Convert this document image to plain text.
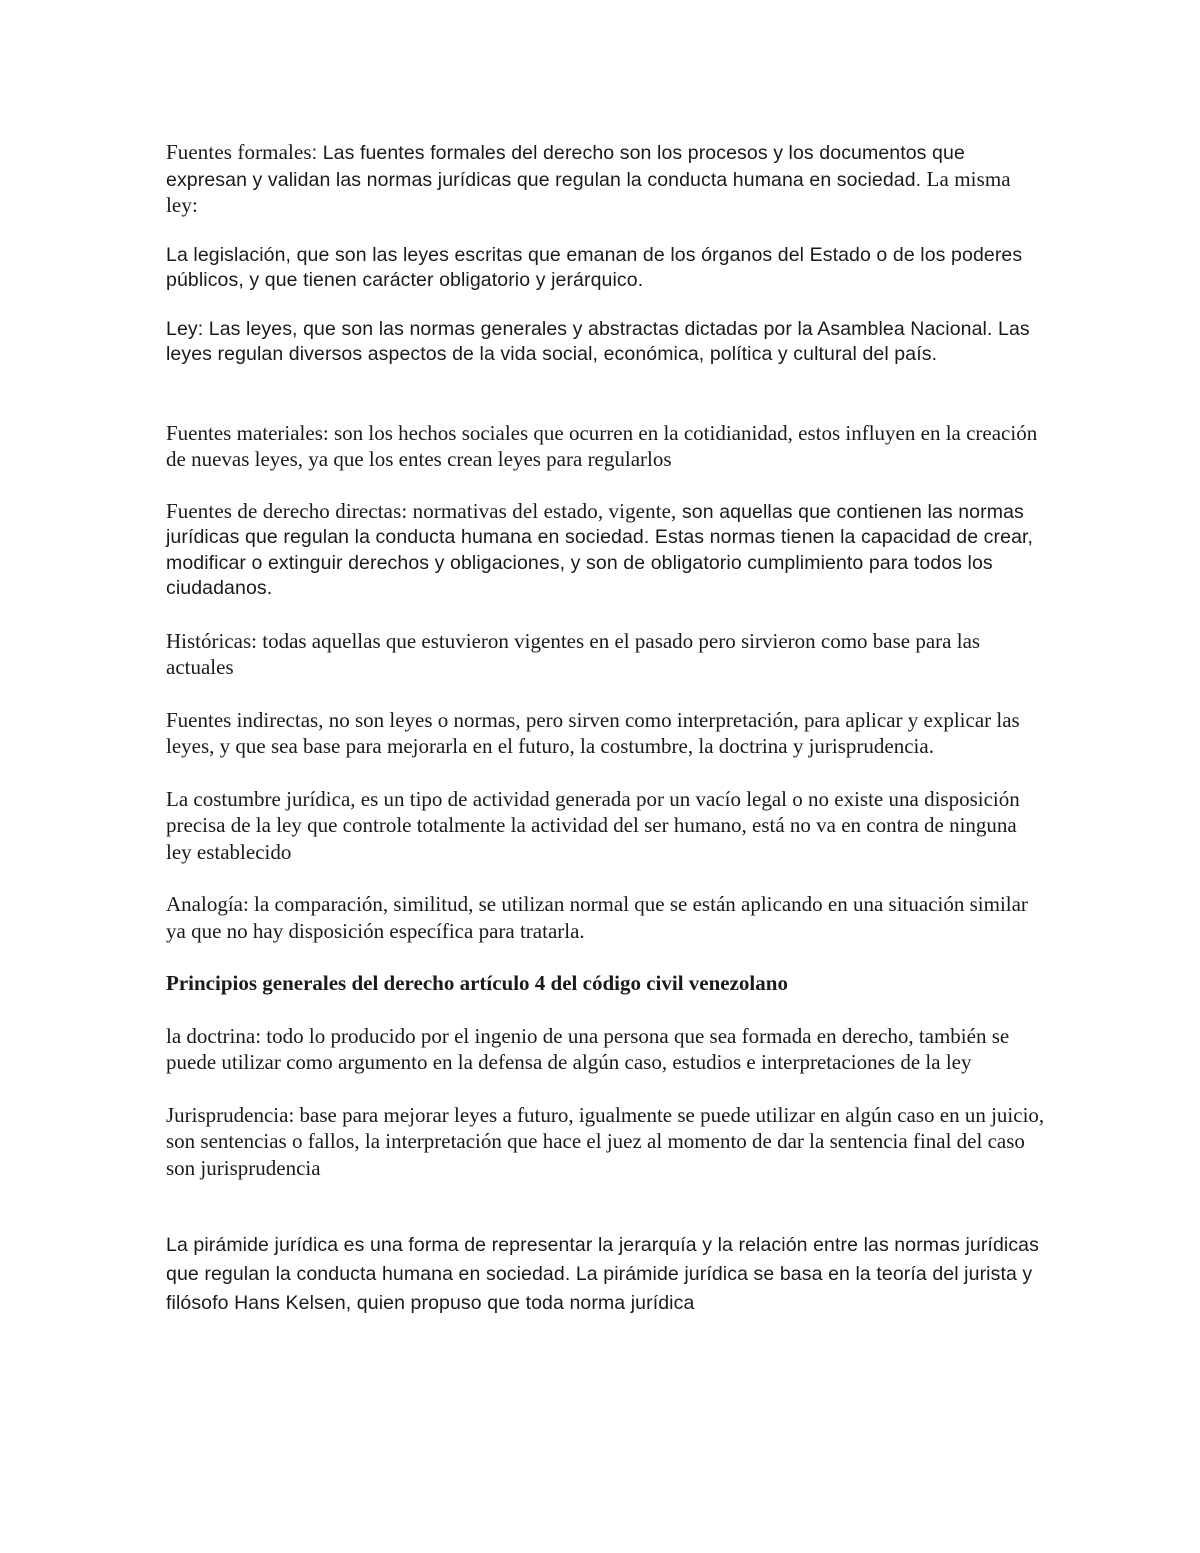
Fuentes formales: Las fuentes formales del derecho son los procesos y los documentos que expresan y validan las normas jurídicas que regulan la conducta humana en sociedad. La misma ley:

La legislación, que son las leyes escritas que emanan de los órganos del Estado o de los poderes públicos, y que tienen carácter obligatorio y jerárquico.

Ley: Las leyes, que son las normas generales y abstractas dictadas por la Asamblea Nacional. Las leyes regulan diversos aspectos de la vida social, económica, política y cultural del país.

Fuentes materiales: son los hechos sociales que ocurren en la cotidianidad, estos influyen en la creación de nuevas leyes, ya que los entes crean leyes para regularlos

Fuentes de derecho directas: normativas del estado, vigente, son aquellas que contienen las normas jurídicas que regulan la conducta humana en sociedad. Estas normas tienen la capacidad de crear, modificar o extinguir derechos y obligaciones, y son de obligatorio cumplimiento para todos los ciudadanos.

Históricas: todas aquellas que estuvieron vigentes en el pasado pero sirvieron como base para las actuales

Fuentes indirectas, no son leyes o normas, pero sirven como interpretación, para aplicar y explicar las leyes, y que sea base para mejorarla en el futuro, la costumbre, la doctrina y jurisprudencia.

La costumbre jurídica, es un tipo de actividad generada por un vacío legal o no existe una disposición precisa de la ley que controle totalmente la actividad del ser humano, está no va en contra de ninguna ley establecido

Analogía: la comparación, similitud, se utilizan normal que se están aplicando en una situación similar ya que no hay disposición específica para tratarla.

Principios generales del derecho artículo 4 del código civil venezolano

la doctrina: todo lo producido por el ingenio de una persona que sea formada en derecho, también se puede utilizar como argumento en la defensa de algún caso, estudios e interpretaciones de la ley

Jurisprudencia: base para mejorar leyes a futuro, igualmente se puede utilizar en algún caso en un juicio, son sentencias o fallos, la interpretación que hace el juez al momento de dar la sentencia final del caso son jurisprudencia

La pirámide jurídica es una forma de representar la jerarquía y la relación entre las normas jurídicas que regulan la conducta humana en sociedad. La pirámide jurídica se basa en la teoría del jurista y filósofo Hans Kelsen, quien propuso que toda norma jurídica
